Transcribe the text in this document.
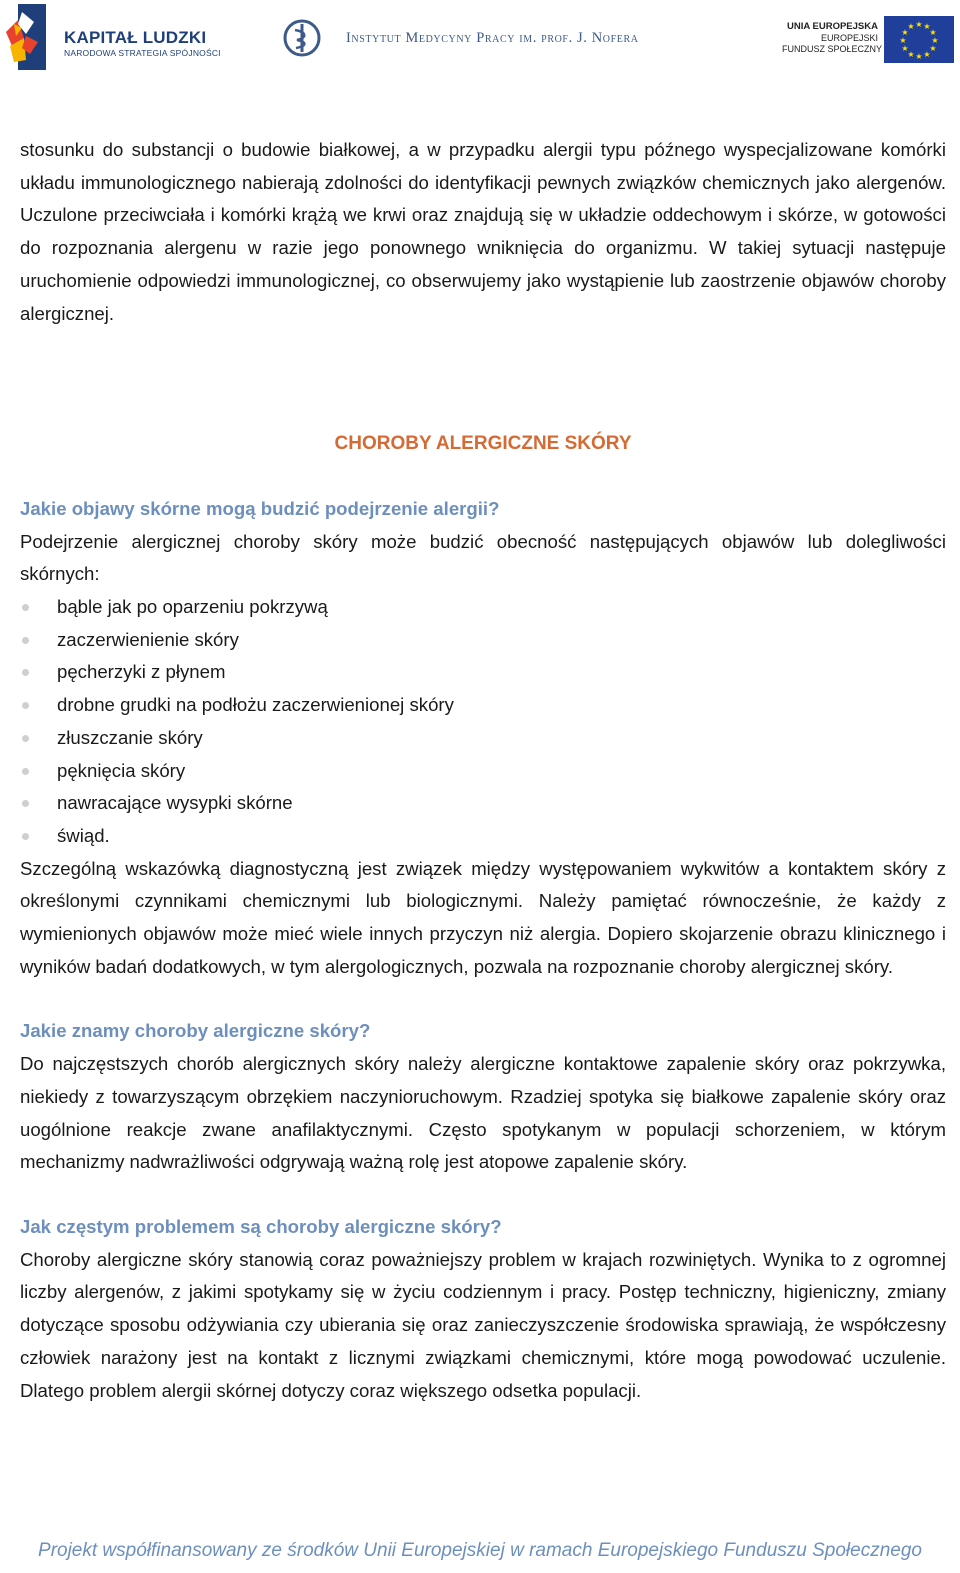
KAPITAŁ LUDZKI
NARODOWA STRATEGIA SPÓJNOŚCI
Instytut Medycyny Pracy im. prof. J. Nofera
UNIA EUROPEJSKA
EUROPEJSKI
FUNDUSZ SPOŁECZNY
★ ★
★
★
★
★
★
★
★
★
★
★

stosunku do substancji o budowie białkowej, a w przypadku alergii typu późnego wyspecjalizowane komórki układu immunologicznego nabierają zdolności do identyfikacji pewnych związków chemicznych jako alergenów. Uczulone przeciwciała i komórki krążą we krwi oraz znajdują się w układzie oddechowym i skórze, w gotowości do rozpoznania alergenu w razie jego ponownego wniknięcia do organizmu. W takiej sytuacji następuje uruchomienie odpowiedzi immunologicznej, co obserwujemy jako wystąpienie lub zaostrzenie objawów choroby alergicznej.

CHOROBY ALERGICZNE SKÓRY

Jakie objawy skórne mogą budzić podejrzenie alergii?

Podejrzenie alergicznej choroby skóry może budzić obecność następujących objawów lub dolegliwości skórnych:

bąble jak po oparzeniu pokrzywą
zaczerwienienie skóry
pęcherzyki z płynem
drobne grudki na podłożu zaczerwienionej skóry
złuszczanie skóry
pęknięcia skóry
nawracające wysypki skórne
świąd.

Szczególną wskazówką diagnostyczną jest związek między występowaniem wykwitów a kontaktem skóry z określonymi czynnikami chemicznymi lub biologicznymi. Należy pamiętać równocześnie, że każdy z wymienionych objawów może mieć wiele innych przyczyn niż alergia. Dopiero skojarzenie obrazu klinicznego i wyników badań dodatkowych, w tym alergologicznych, pozwala na rozpoznanie choroby alergicznej skóry.

Jakie znamy choroby alergiczne skóry?

Do najczęstszych chorób alergicznych skóry należy alergiczne kontaktowe zapalenie skóry oraz pokrzywka, niekiedy z towarzyszącym obrzękiem naczynioruchowym. Rzadziej spotyka się białkowe zapalenie skóry oraz uogólnione reakcje zwane anafilaktycznymi. Często spotykanym w populacji schorzeniem, w którym mechanizmy nadwrażliwości odgrywają ważną rolę jest atopowe zapalenie skóry.

Jak częstym problemem są choroby alergiczne skóry?

Choroby alergiczne skóry stanowią coraz poważniejszy problem w krajach rozwiniętych. Wynika to z ogromnej liczby alergenów, z jakimi spotykamy się w życiu codziennym i pracy. Postęp techniczny, higieniczny, zmiany dotyczące sposobu odżywiania czy ubierania się oraz zanieczyszczenie środowiska sprawiają, że współczesny człowiek narażony jest na kontakt z licznymi związkami chemicznymi, które mogą powodować uczulenie. Dlatego problem alergii skórnej dotyczy coraz większego odsetka populacji.

Projekt współfinansowany ze środków Unii Europejskiej w ramach Europejskiego Funduszu Społecznego
